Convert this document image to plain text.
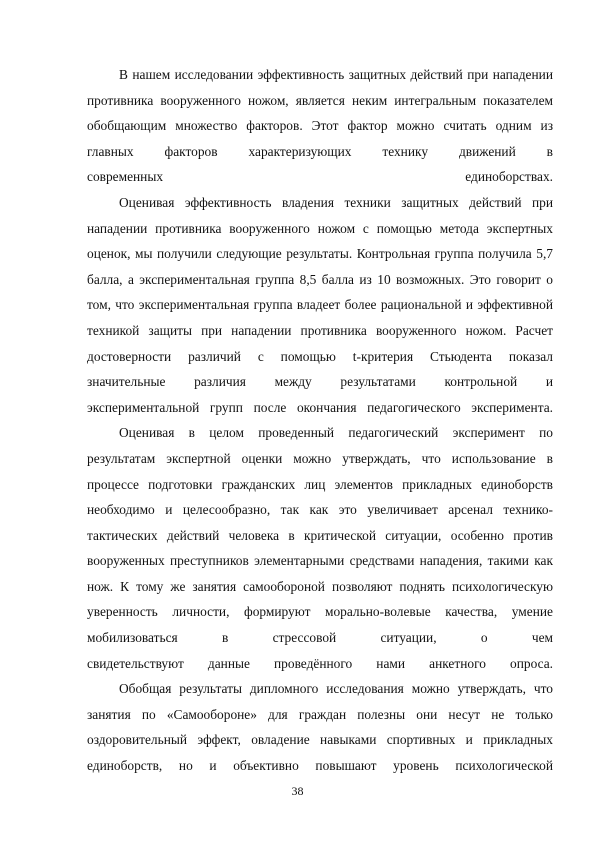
В нашем исследовании эффективность защитных действий при нападении противника вооруженного ножом, является неким интегральным показателем обобщающим множество факторов. Этот фактор можно считать одним из главных факторов характеризующих технику движений в
современных единоборствах.

Оценивая эффективность владения техники защитных действий при нападении противника вооруженного ножом с помощью метода экспертных оценок, мы получили следующие результаты. Контрольная группа получила 5,7 балла, а экспериментальная группа 8,5 балла из 10 возможных. Это говорит о том, что экспериментальная группа владеет более рациональной и эффективной техникой защиты при нападении противника вооруженного ножом. Расчет достоверности различий с помощью t-критерия Стьюдента показал значительные различия между результатами контрольной и
экспериментальной групп после окончания педагогического эксперимента.

Оценивая в целом проведенный педагогический эксперимент по результатам экспертной оценки можно утверждать, что использование в процессе подготовки гражданских лиц элементов прикладных единоборств необходимо и целесообразно, так как это увеличивает арсенал технико- тактических действий человека в критической ситуации, особенно против вооруженных преступников элементарными средствами нападения, такими как нож. К тому же занятия самообороной позволяют поднять психологическую уверенность личности, формируют морально-волевые качества, умение мобилизоваться в стрессовой ситуации, о чем
свидетельствуют данные проведённого нами анкетного опроса.

Обобщая результаты дипломного исследования можно утверждать, что занятия по «Самообороне» для граждан полезны они несут не только оздоровительный эффект, овладение навыками спортивных и прикладных единоборств, но и объективно повышают уровень психологической

38
